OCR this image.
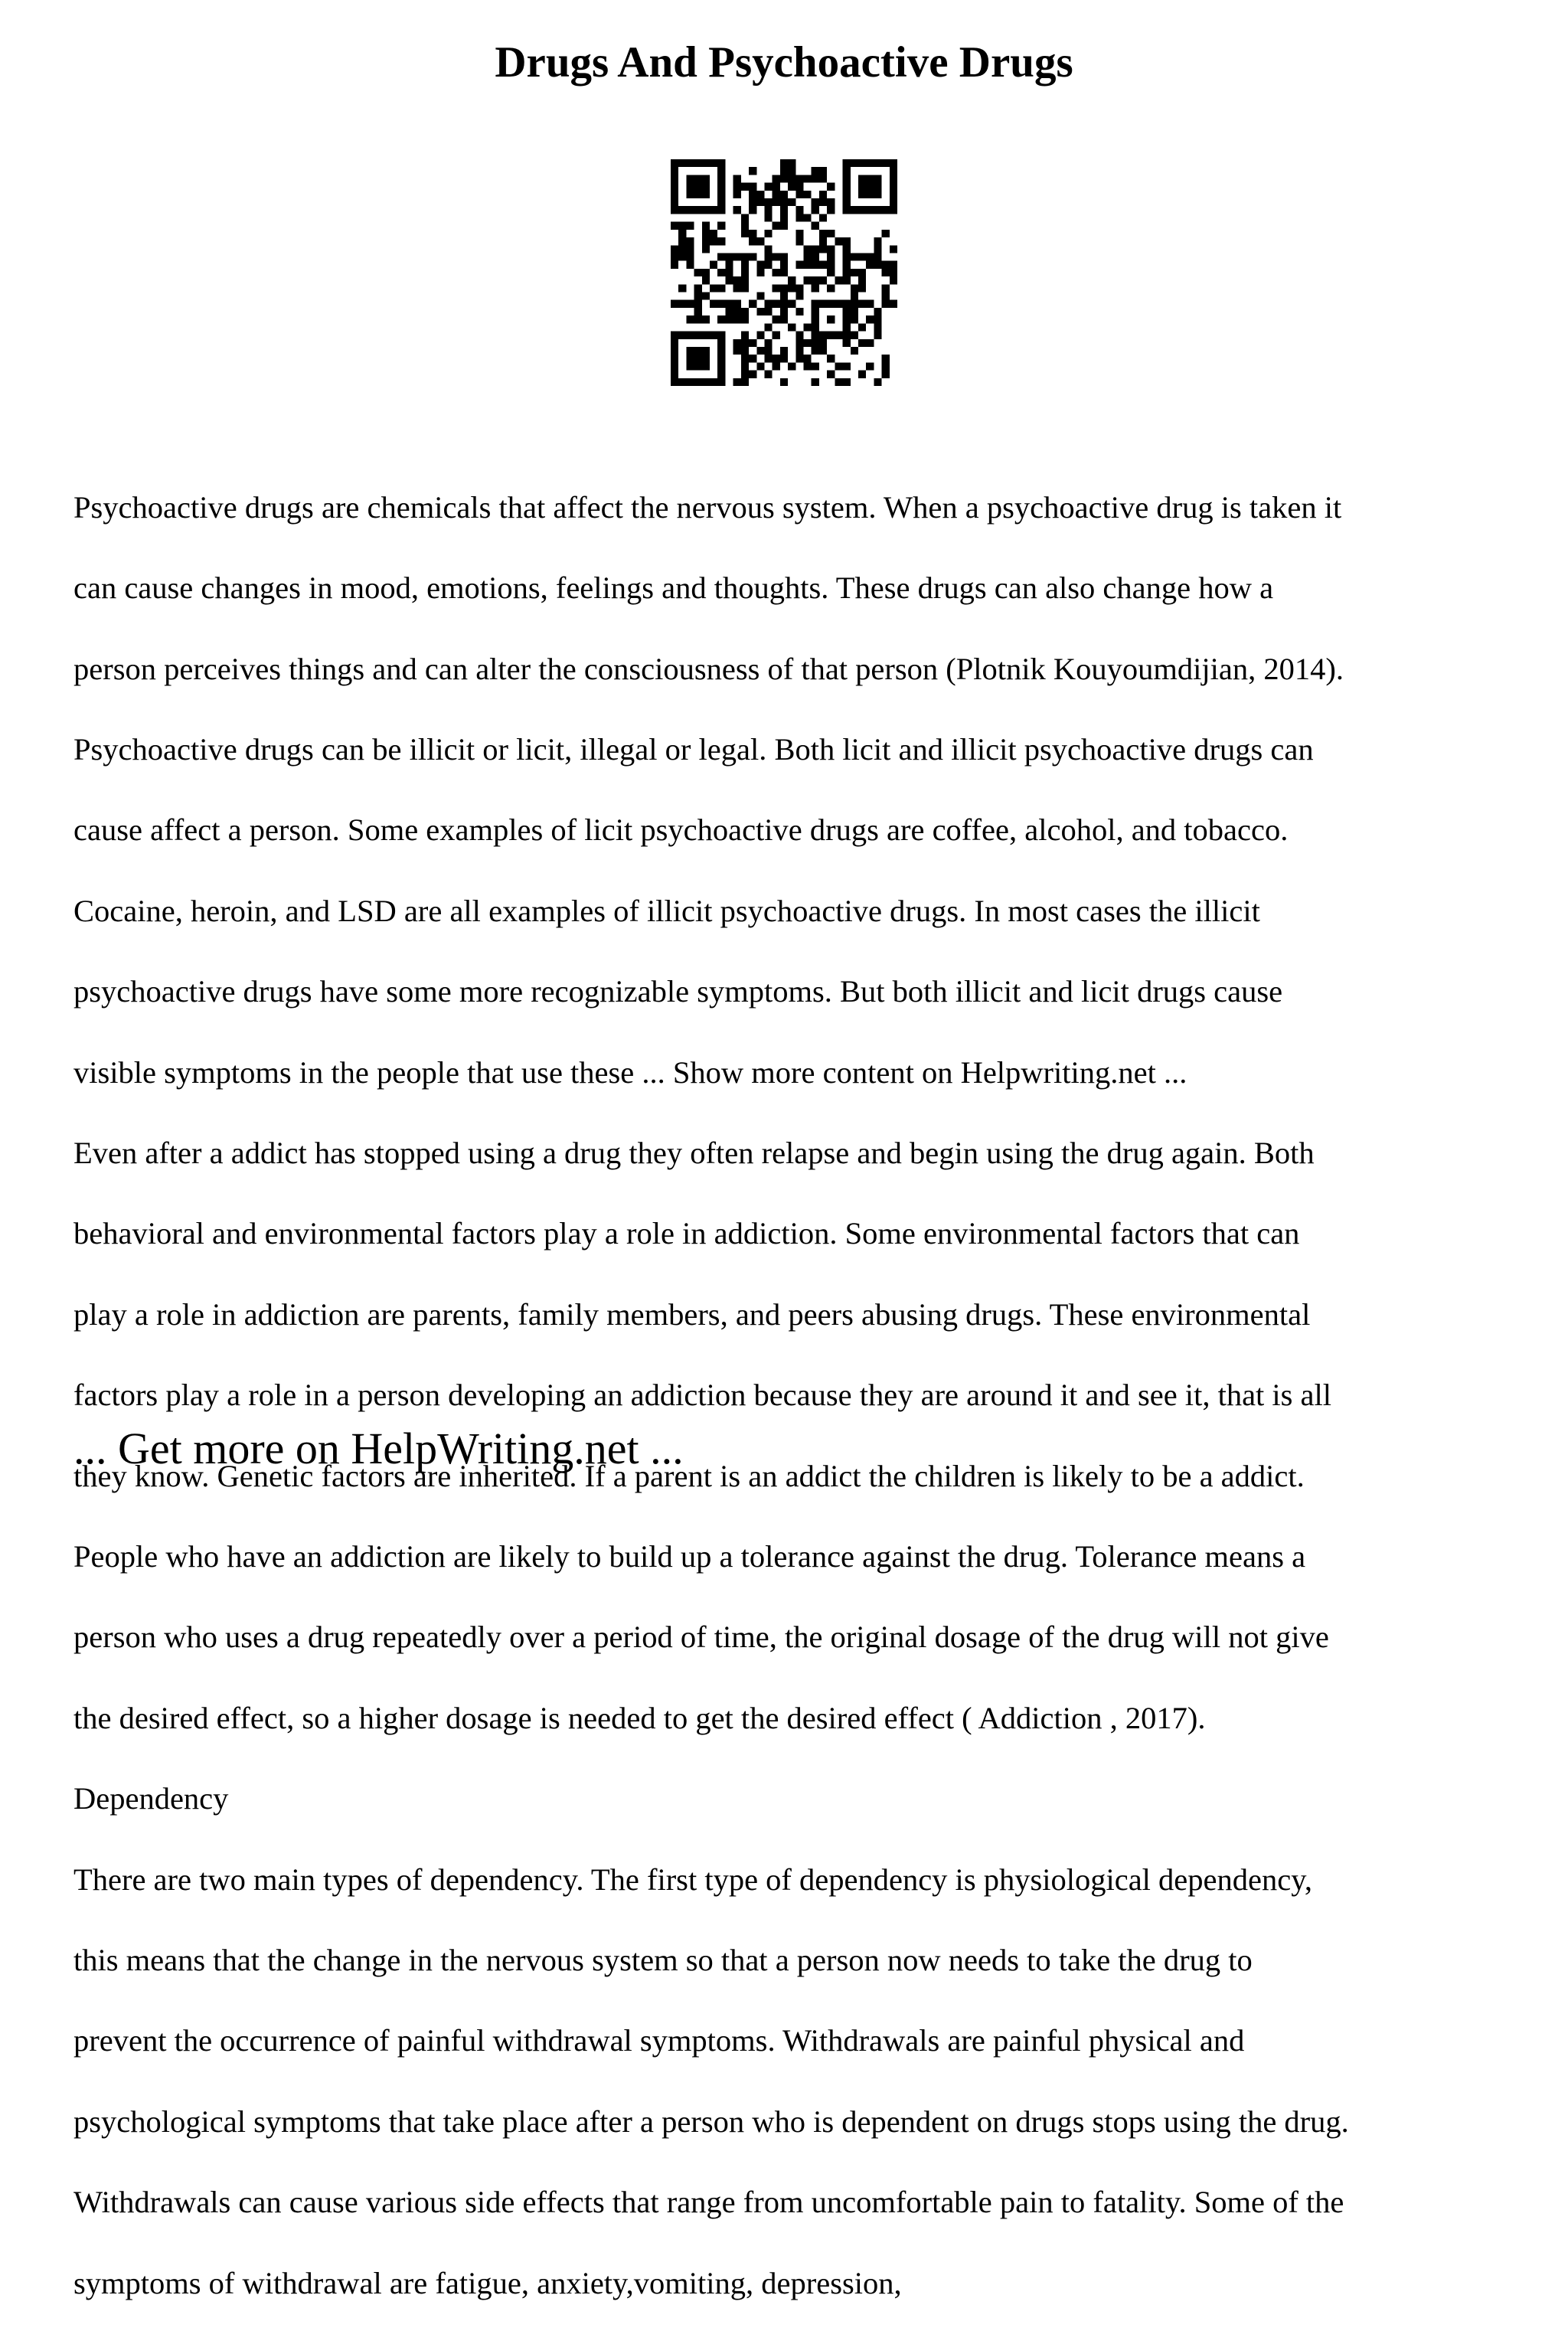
Drugs And Psychoactive Drugs

Psychoactive drugs are chemicals that affect the nervous system. When a psychoactive drug is taken it

can cause changes in mood, emotions, feelings and thoughts. These drugs can also change how a

person perceives things and can alter the consciousness of that person (Plotnik Kouyoumdijian, 2014).

Psychoactive drugs can be illicit or licit, illegal or legal. Both licit and illicit psychoactive drugs can

cause affect a person. Some examples of licit psychoactive drugs are coffee, alcohol, and tobacco.

Cocaine, heroin, and LSD are all examples of illicit psychoactive drugs. In most cases the illicit

psychoactive drugs have some more recognizable symptoms. But both illicit and licit drugs cause

visible symptoms in the people that use these ... Show more content on Helpwriting.net ...

Even after a addict has stopped using a drug they often relapse and begin using the drug again. Both

behavioral and environmental factors play a role in addiction. Some environmental factors that can

play a role in addiction are parents, family members, and peers abusing drugs. These environmental

factors play a role in a person developing an addiction because they are around it and see it, that is all

they know. Genetic factors are inherited. If a parent is an addict the children is likely to be a addict.

People who have an addiction are likely to build up a tolerance against the drug. Tolerance means a

person who uses a drug repeatedly over a period of time, the original dosage of the drug will not give

the desired effect, so a higher dosage is needed to get the desired effect ( Addiction , 2017).

Dependency

There are two main types of dependency. The first type of dependency is physiological dependency,

this means that the change in the nervous system so that a person now needs to take the drug to

prevent the occurrence of painful withdrawal symptoms. Withdrawals are painful physical and

psychological symptoms that take place after a person who is dependent on drugs stops using the drug.

Withdrawals can cause various side effects that range from uncomfortable pain to fatality. Some of the

symptoms of withdrawal are fatigue, anxiety,vomiting, depression,

... Get more on HelpWriting.net ...
